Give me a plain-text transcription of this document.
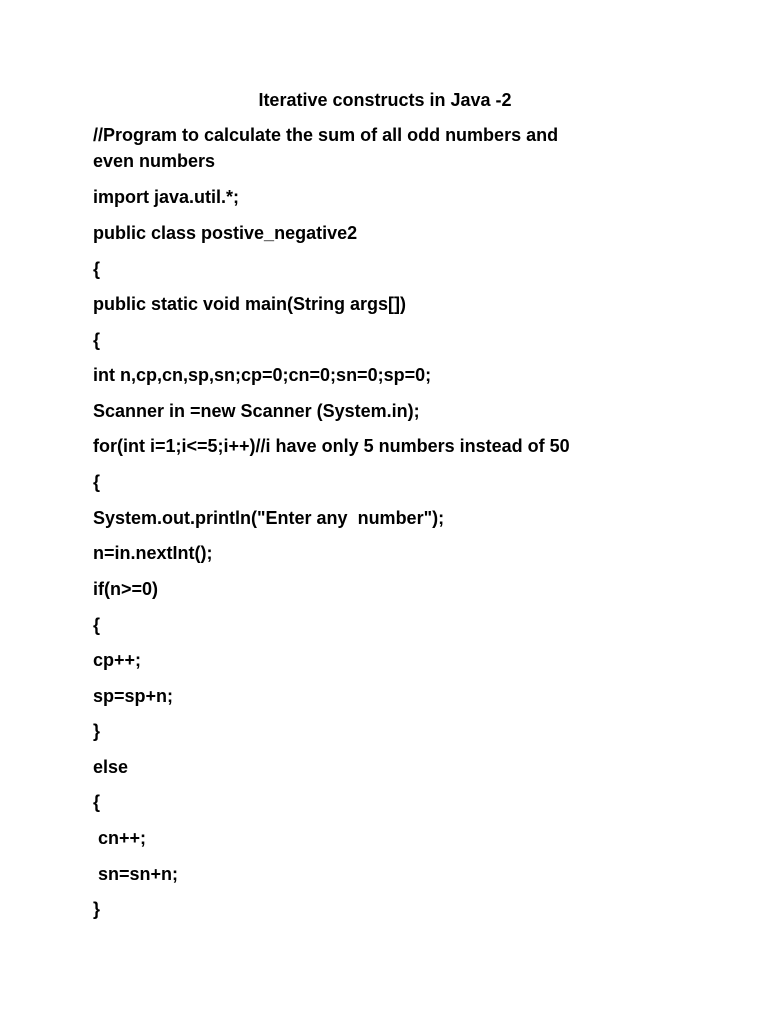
Iterative constructs in Java -2
//Program to calculate the sum of all odd numbers and
even numbers
import java.util.*;
public class postive_negative2
{
public static void main(String args[])
{
int n,cp,cn,sp,sn;cp=0;cn=0;sn=0;sp=0;
Scanner in =new Scanner (System.in);
for(int i=1;i<=5;i++)//i have only 5 numbers instead of 50
{
System.out.println("Enter any  number");
n=in.nextInt();
if(n>=0)
{
cp++;
sp=sp+n;
}
else
{
cn++;
sn=sn+n;
}
